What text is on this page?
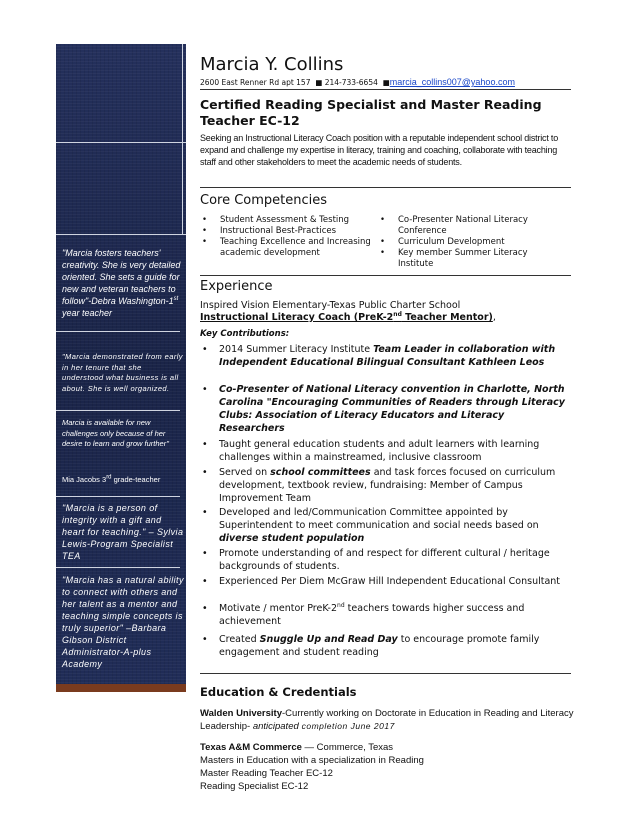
"Marcia fosters teachers' creativity. She is very detailed oriented. She sets a guide for new and veteran teachers to follow"-Debra Washington-1st year teacher
"Marcia demonstrated from early in her tenure that she understood what business is all about. She is well organized.
Marcia is available for new challenges only because of her desire to learn and grow further"
Mia Jacobs 3rd grade-teacher
"Marcia is a person of integrity with a gift and heart for teaching." – Sylvia Lewis-Program Specialist TEA
"Marcia has a natural ability to connect with others and her talent as a mentor and teaching simple concepts is truly superior" –Barbara Gibson District Administrator-A-plus Academy
Marcia Y. Collins
2600 East Renner Rd apt 157 ■ 214-733-6654 ■marcia_collins007@yahoo.com
Certified Reading Specialist and Master Reading Teacher EC-12
Seeking an Instructional Literacy Coach position with a reputable independent school district to expand and challenge my expertise in literacy, training and coaching, collaborate with teaching staff and other stakeholders to meet the academic needs of students.
Core Competencies
• Student Assessment & Testing
• Instructional Best-Practices
• Teaching Excellence and Increasing academic development
• Co-Presenter National Literacy Conference
• Curriculum Development
• Key member Summer Literacy Institute
Experience
Inspired Vision Elementary-Texas Public Charter School
Instructional Literacy Coach (PreK-2nd Teacher Mentor),
Key Contributions:
• 2014 Summer Literacy Institute Team Leader in collaboration with Independent Educational Bilingual Consultant Kathleen Leos
• Co-Presenter of National Literacy convention in Charlotte, North Carolina "Encouraging Communities of Readers through Literacy Clubs: Association of Literacy Educators and Literacy Researchers
• Taught general education students and adult learners with learning challenges within a mainstreamed, inclusive classroom
• Served on school committees and task forces focused on curriculum development, textbook review, fundraising: Member of Campus Improvement Team
• Developed and led/Communication Committee appointed by Superintendent to meet communication and social needs based on diverse student population
• Promote understanding of and respect for different cultural / heritage backgrounds of students.
• Experienced Per Diem McGraw Hill Independent Educational Consultant
• Motivate / mentor PreK-2nd teachers towards higher success and achievement
• Created Snuggle Up and Read Day to encourage promote family engagement and student reading
Education & Credentials
Walden University-Currently working on Doctorate in Education in Reading and Literacy Leadership- anticipated completion June 2017
Texas A&M Commerce — Commerce, Texas
Masters in Education with a specialization in Reading
Master Reading Teacher EC-12
Reading Specialist EC-12
